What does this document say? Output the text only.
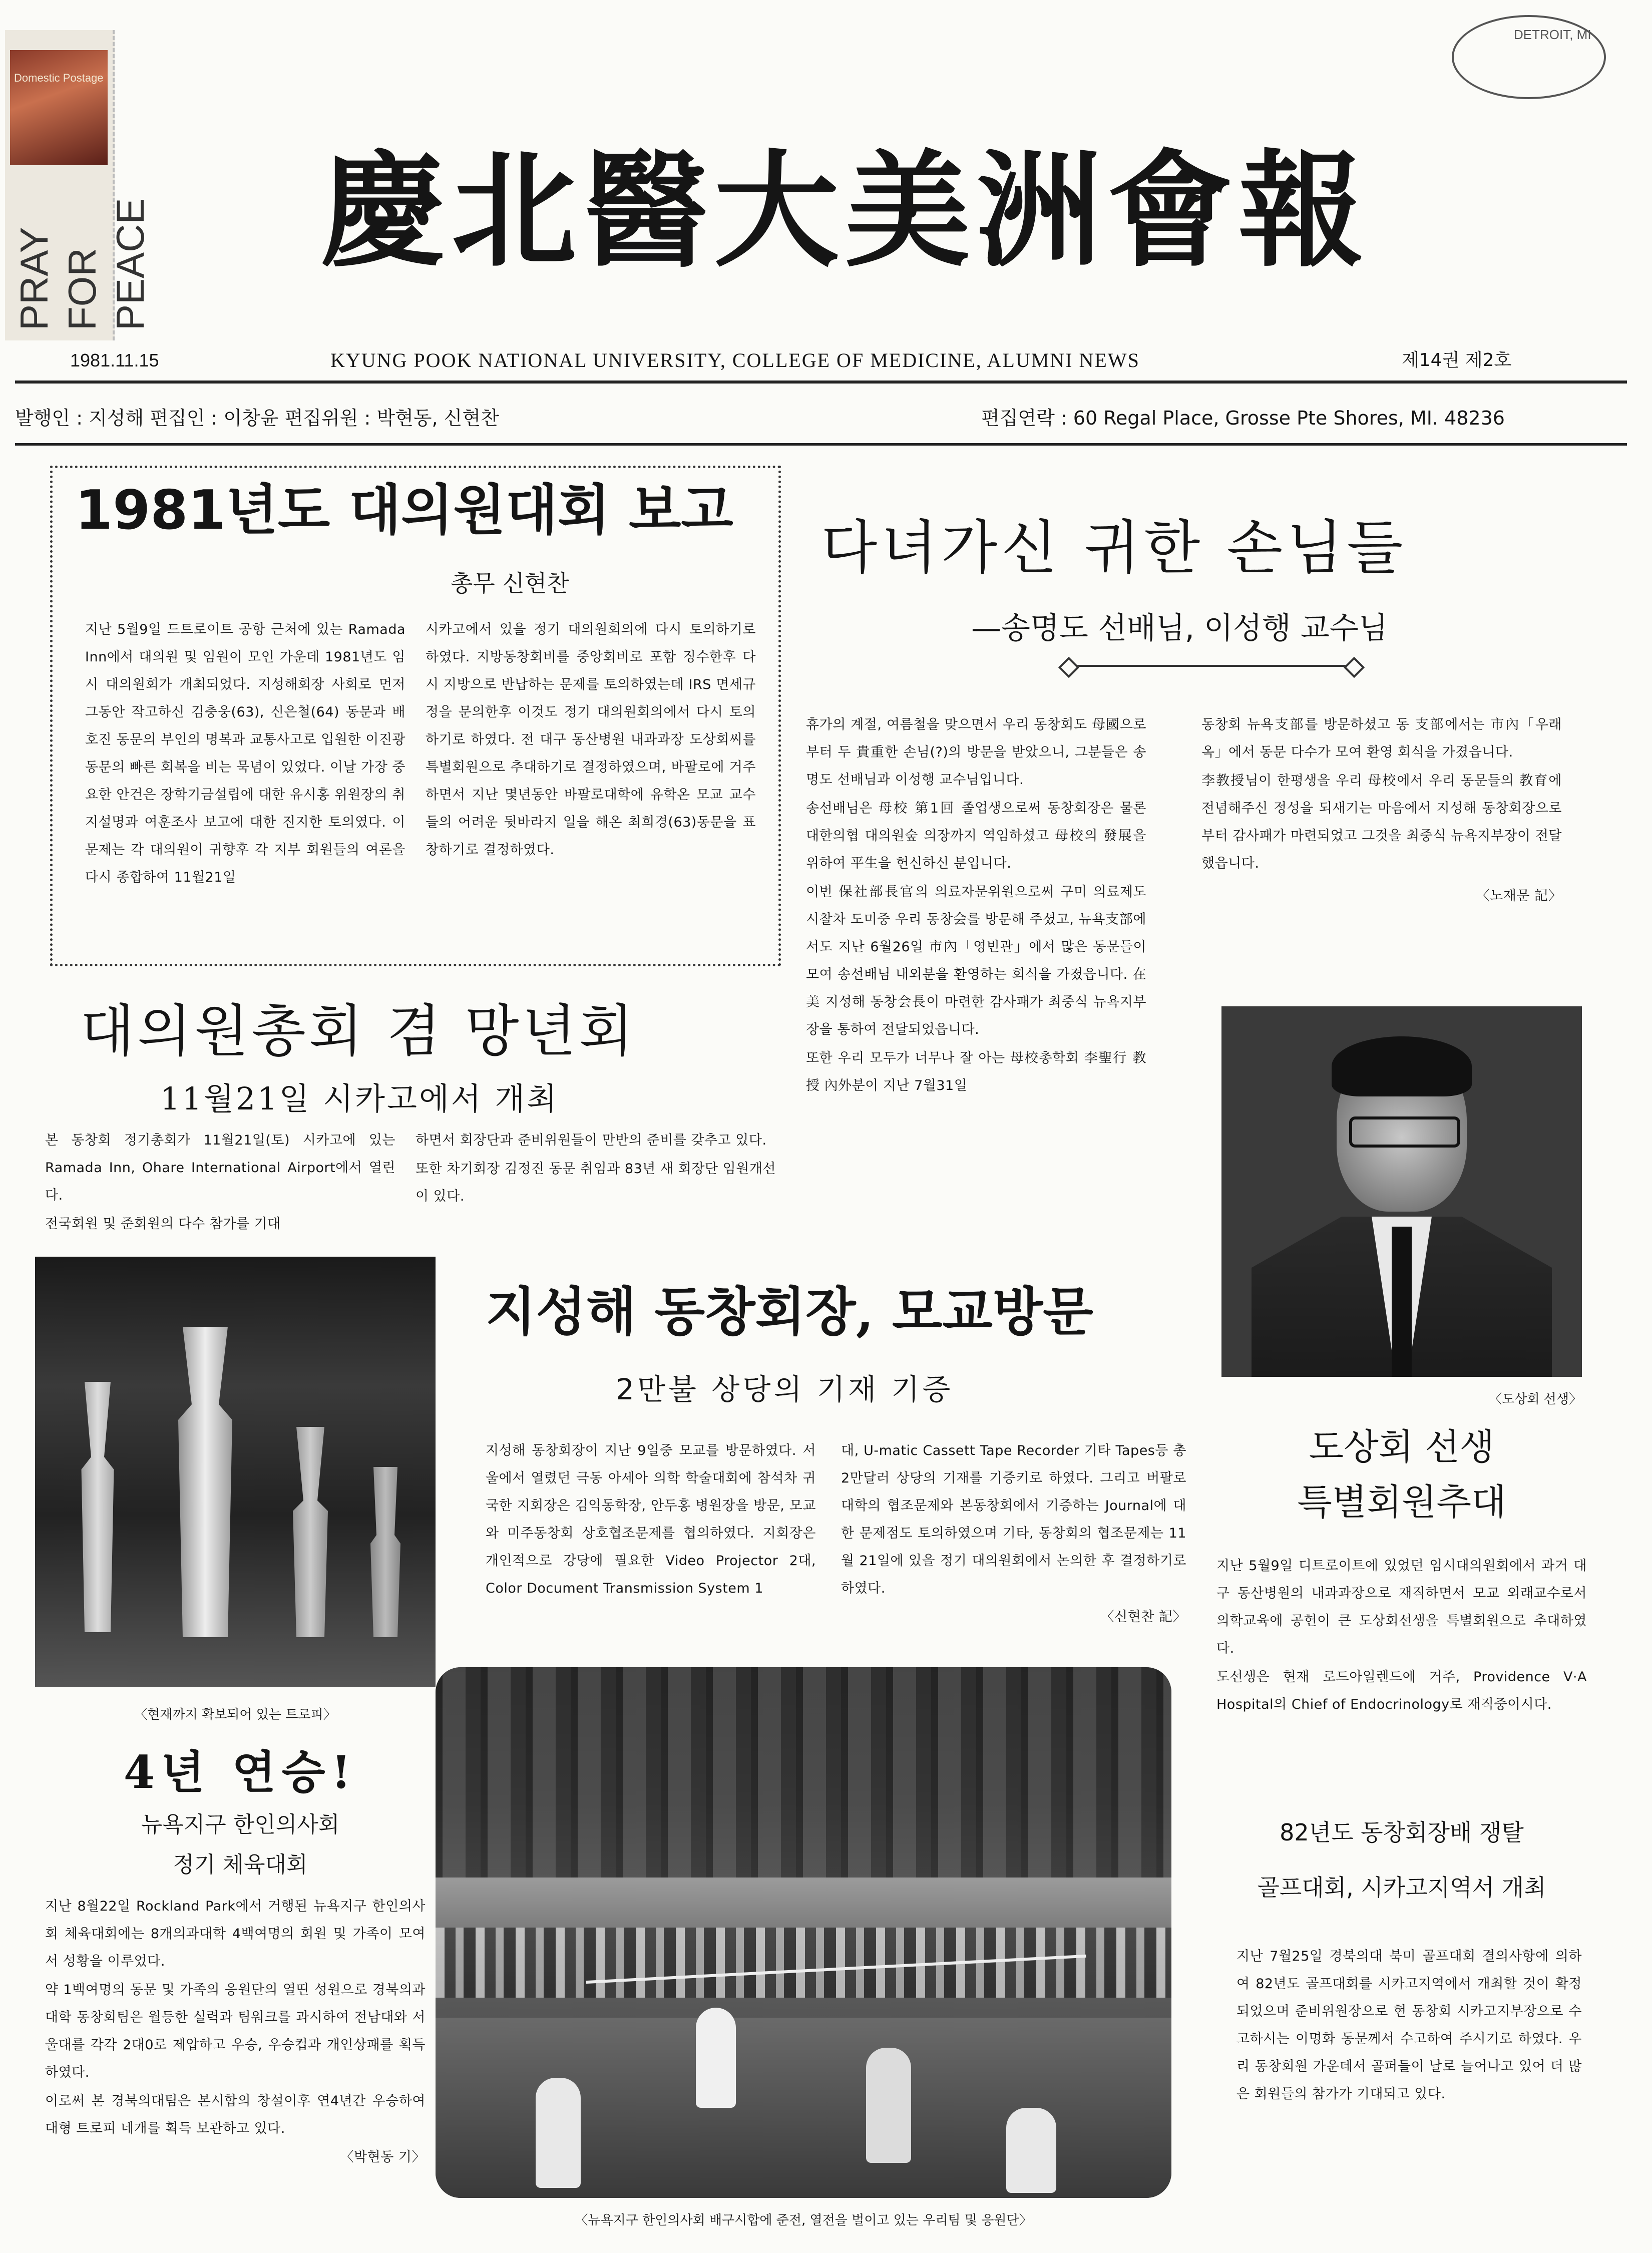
Domestic Postage
PRAY FOR PEACE
DETROIT, MI
慶北醫大美洲會報
1981.11.15	KYUNG POOK NATIONAL UNIVERSITY, COLLEGE OF MEDICINE, ALUMNI NEWS	제14권 제2호
발행인 : 지성해 편집인 : 이창윤 편집위원 : 박현동, 신현찬	편집연락 : 60 Regal Place, Grosse Pte Shores, MI. 48236
1981년도 대의원대회 보고
총무 신현찬

지난 5월9일 드트로이트 공항 근처에 있는 Ramada Inn에서 대의원 및 임원이 모인 가운데 1981년도 임시 대의원회가 개최되었다. 지성해회장 사회로 먼저 그동안 작고하신 김충웅(63), 신은철(64) 동문과 배호진 동문의 부인의 명복과 교통사고로 입원한 이진광 동문의 빠른 회복을 비는 묵념이 있었다. 이날 가장 중요한 안건은 장학기금설립에 대한 유시홍 위원장의 취지설명과 여훈조사 보고에 대한 진지한 토의였다. 이문제는 각 대의원이 귀향후 각 지부 회원들의 여론을 다시 종합하여 11월21일

시카고에서 있을 정기 대의원회의에 다시 토의하기로 하였다. 지방동창회비를 중앙회비로 포함 징수한후 다시 지방으로 반납하는 문제를 토의하였는데 IRS 면세규정을 문의한후 이것도 정기 대의원회의에서 다시 토의하기로 하였다. 전 대구 동산병원 내과과장 도상회씨를 특별회원으로 추대하기로 결정하였으며, 바팔로에 거주하면서 지난 몇년동안 바팔로대학에 유학온 모교 교수들의 어려운 뒷바라지 일을 해온 최희경(63)동문을 표창하기로 결정하였다.

다녀가신 귀한 손님들
—송명도 선배님, 이성행 교수님

휴가의 계절, 여름철을 맞으면서 우리 동창회도 母國으로 부터 두 貴重한 손님(?)의 방문을 받았으니, 그분들은 송명도 선배님과 이성행 교수님입니다.

송선배님은 母校 第1回 졸업생으로써 동창회장은 물론 대한의협 대의원숲 의장까지 역임하셨고 母校의 發展을 위하여 平生을 헌신하신 분입니다.

이번 保社部長官의 의료자문위원으로써 구미 의료제도 시찰차 도미중 우리 동창会를 방문해 주셨고, 뉴욕支部에서도 지난 6월26일 市內「영빈관」에서 많은 동문들이 모여 송선배님 내외분을 환영하는 회식을 가졌읍니다. 在美 지성해 동창会長이 마련한 감사패가 최중식 뉴욕지부장을 통하여 전달되었읍니다.

또한 우리 모두가 너무나 잘 아는 母校총학회 李聖行 教授 內外분이 지난 7월31일

동창회 뉴욕支部를 방문하셨고 동 支部에서는 市內「우래옥」에서 동문 다수가 모여 환영 회식을 가졌읍니다.

李教授님이 한평생을 우리 母校에서 우리 동문들의 教育에 전념해주신 정성을 되새기는 마음에서 지성해 동창회장으로부터 감사패가 마련되었고 그것을 최중식 뉴욕지부장이 전달했읍니다.

〈노재문 記〉
대의원총회 겸 망년회
11월21일 시카고에서 개최

본 동창회 정기총회가 11월21일(토) 시카고에 있는 Ramada Inn, Ohare International Airport에서 열린다.

전국회원 및 준회원의 다수 참가를 기대

하면서 회장단과 준비위원들이 만반의 준비를 갖추고 있다.

또한 차기회장 김정진 동문 취임과 83년 새 회장단 임원개선이 있다.

〈현재까지 확보되어 있는 트로피〉
지성해 동창회장, 모교방문
2만불 상당의 기재 기증

지성해 동창회장이 지난 9일중 모교를 방문하였다. 서울에서 열렸던 극동 아세아 의학 학술대회에 참석차 귀국한 지회장은 김익동학장, 안두홍 병원장을 방문, 모교와 미주동창회 상호협조문제를 협의하였다. 지회장은 개인적으로 강당에 필요한 Video Projector 2대, Color Document Transmission System 1

대, U-matic Cassett Tape Recorder 기타 Tapes등 총 2만달러 상당의 기재를 기증키로 하였다. 그리고 버팔로 대학의 협조문제와 본동창회에서 기증하는 Journal에 대한 문제점도 토의하였으며 기타, 동창회의 협조문제는 11월 21일에 있을 정기 대의원회에서 논의한 후 결정하기로 하였다.

〈신현찬 記〉
〈도상회 선생〉
도상회 선생
특별회원추대

지난 5월9일 디트로이트에 있었던 임시대의원회에서 과거 대구 동산병원의 내과과장으로 재직하면서 모교 외래교수로서 의학교육에 공헌이 큰 도상회선생을 특별회원으로 추대하였다.

도선생은 현재 로드아일렌드에 거주, Providence V·A Hospital의 Chief of Endocrinology로 재직중이시다.

4년 연승!
뉴욕지구 한인의사회
정기 체육대회

지난 8월22일 Rockland Park에서 거행된 뉴욕지구 한인의사회 체육대회에는 8개의과대학 4백여명의 회원 및 가족이 모여서 성황을 이루었다.

약 1백여명의 동문 및 가족의 응원단의 열띤 성원으로 경북의과대학 동창회팀은 월등한 실력과 팀워크를 과시하여 전남대와 서울대를 각각 2대0로 제압하고 우승, 우승컵과 개인상패를 획득하였다.

이로써 본 경북의대팀은 본시합의 창설이후 연4년간 우승하여 대형 트로피 네개를 획득 보관하고 있다.

〈박현동 기〉
〈뉴욕지구 한인의사회 배구시합에 준전, 열전을 벌이고 있는 우리팀 및 응원단〉
82년도 동창회장배 쟁탈
골프대회, 시카고지역서 개최

지난 7월25일 경북의대 북미 골프대회 결의사항에 의하여 82년도 골프대회를 시카고지역에서 개최할 것이 확정되었으며 준비위원장으로 현 동창회 시카고지부장으로 수고하시는 이명화 동문께서 수고하여 주시기로 하였다. 우리 동창회원 가운데서 골퍼들이 날로 늘어나고 있어 더 많은 회원들의 참가가 기대되고 있다.
